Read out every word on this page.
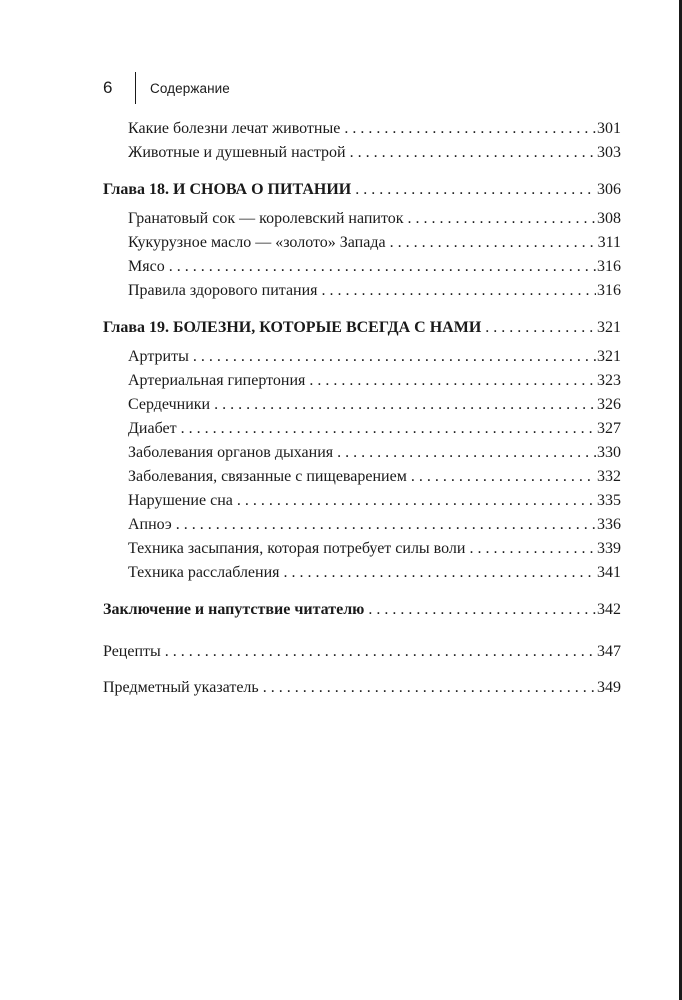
6	Содержание
Какие болезни лечат животные . . .	301
Животные и душевный настрой . . .	303
Глава 18. И СНОВА О ПИТАНИИ . . .	306
Гранатовый сок — королевский напиток . . .	308
Кукурузное масло — «золото» Запада . . .	311
Мясо . . .	316
Правила здорового питания . . .	316
Глава 19. БОЛЕЗНИ, КОТОРЫЕ ВСЕГДА С НАМИ . . .	321
Артриты . . .	321
Артериальная гипертония . . .	323
Сердечники . . .	326
Диабет . . .	327
Заболевания органов дыхания . . .	330
Заболевания, связанные с пищеварением . . .	332
Нарушение сна . . .	335
Апноэ . . .	336
Техника засыпания, которая потребует силы воли . . .	339
Техника расслабления . . .	341
Заключение и напутствие читателю . . .	342
Рецепты . . .	347
Предметный указатель . . .	349
